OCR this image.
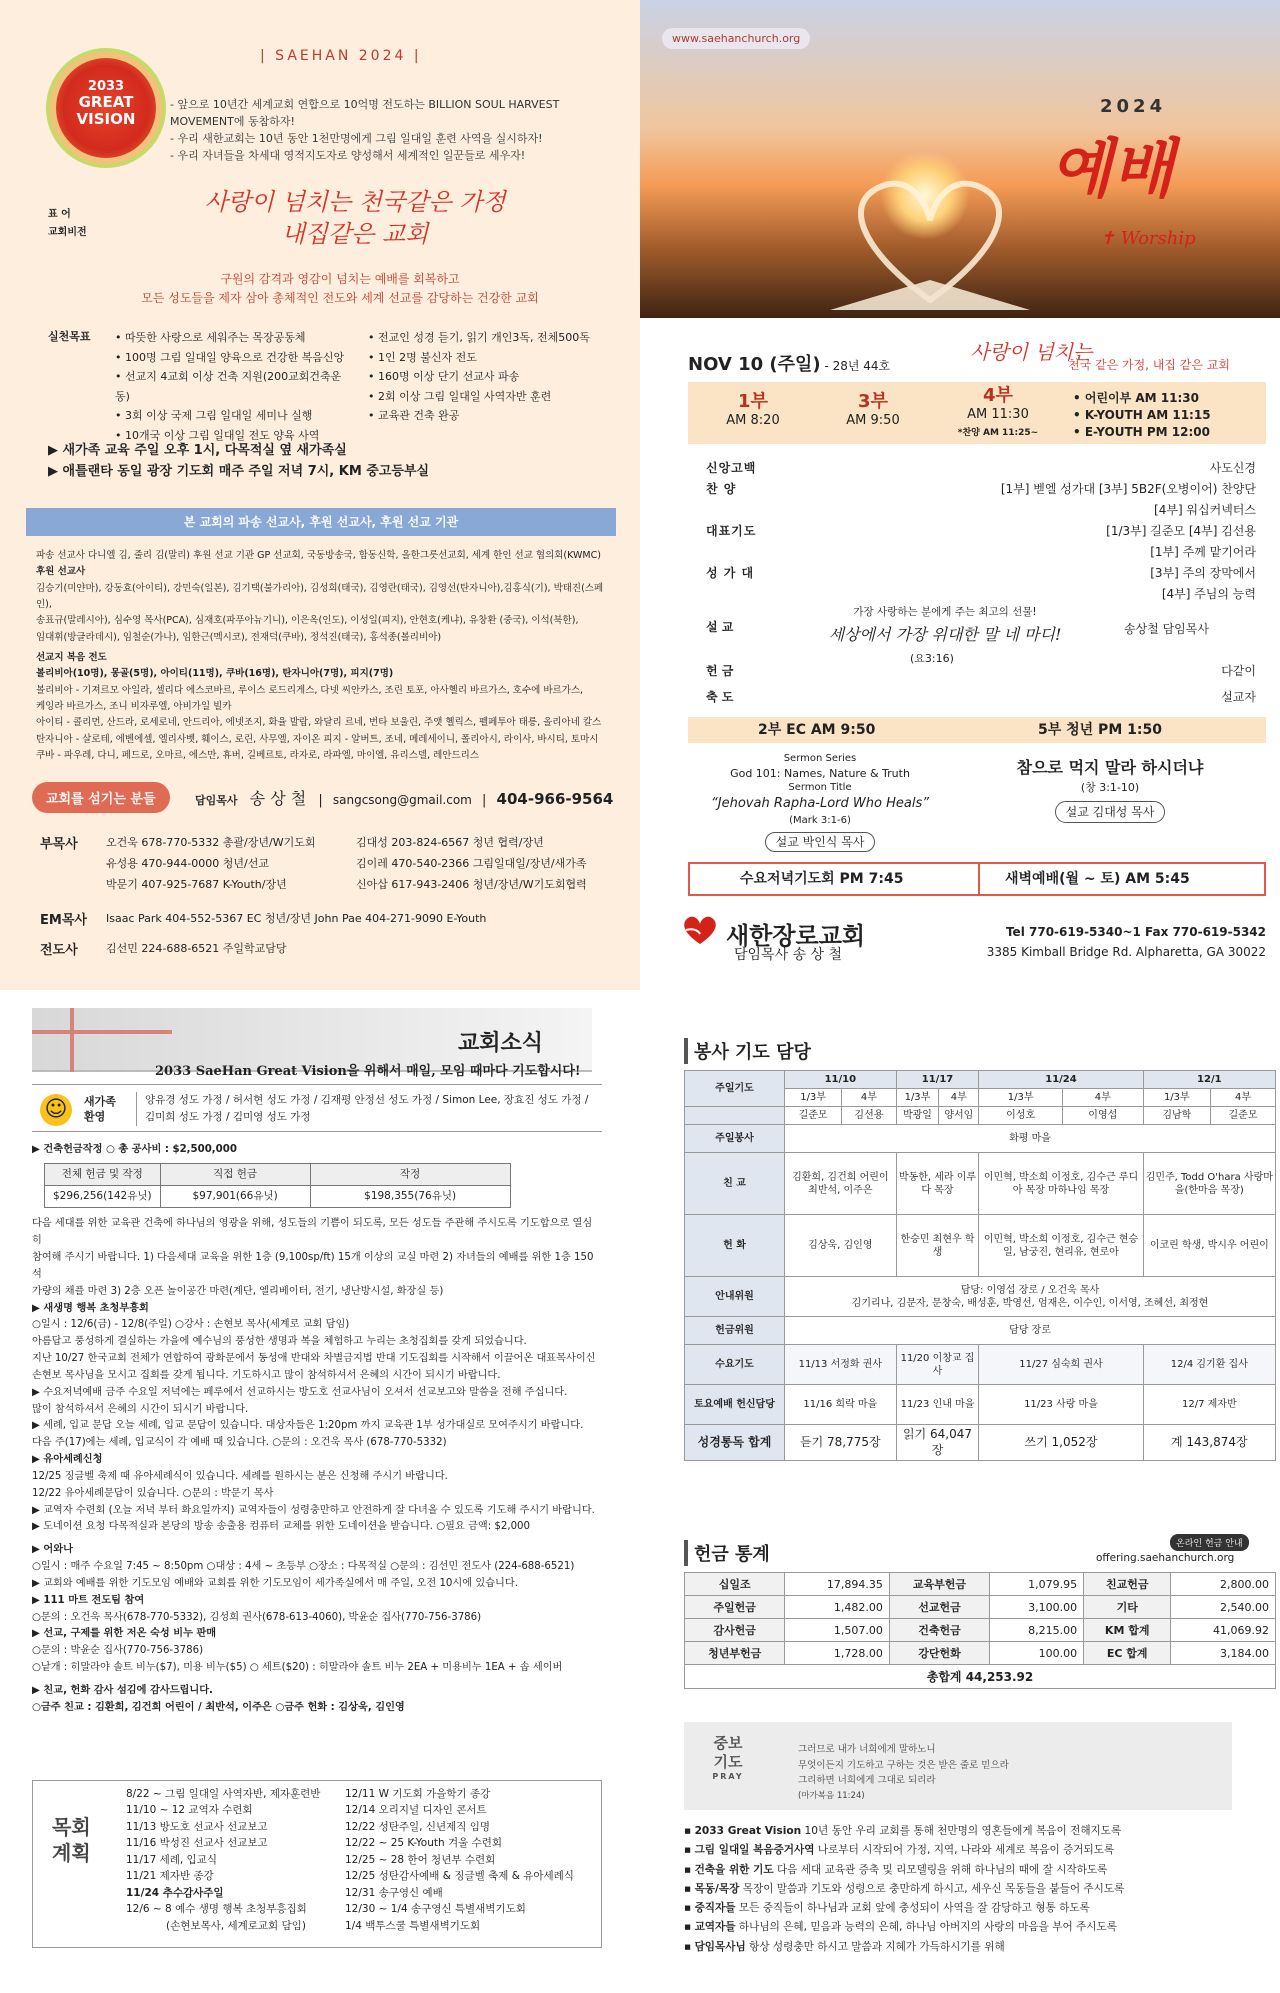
2033
GREAT
VISION
| SAEHAN 2024 |
- 앞으로 10년간 세계교회 연합으로 10억명 전도하는 BILLION SOUL HARVEST MOVEMENT에 동참하자!
- 우리 새한교회는 10년 동안 1천만명에게 그림 일대일 훈련 사역을 실시하자!
- 우리 자녀들을 차세대 영적지도자로 양성해서 세계적인 일꾼들로 세우자!
표 어
교회비전
사랑이 넘치는 천국같은 가정
내집같은 교회
구원의 감격과 영감이 넘치는 예배를 회복하고
모든 성도들을 제자 삼아 총체적인 전도와 세계 선교를 감당하는 건강한 교회
실천목표 • 따뜻한 사랑으로 세워주는 목장공동체
• 100명 그림 일대일 양육으로 건강한 복음신앙
• 선교지 4교회 이상 건축 지원(200교회건축운동)
• 3회 이상 국제 그림 일대일 세미나 실행
• 10개국 이상 그림 일대일 전도 양육 사역
• 전교인 성경 듣기, 읽기 개인3독, 전체500독
• 1인 2명 불신자 전도
• 160명 이상 단기 선교사 파송
• 2회 이상 그림 일대일 사역자반 훈련
• 교육관 건축 완공
▶ 새가족 교육 주일 오후 1시, 다목적실 옆 새가족실
▶ 애틀랜타 동일 광장 기도회 매주 주일 저녁 7시, KM 중고등부실
본 교회의 파송 선교사, 후원 선교사, 후원 선교 기관
파송 선교사 다니엘 김, 줄리 김(말리) 후원 선교 기관 GP 선교회, 국동방송국, 합동신학, 올한그릇선교회, 세계 한인 선교 협의회(KWMC)
후원 선교사
김승기(미얀마), 강동효(아이티), 강민숙(일본), 김기택(불가리아), 김성희(태국), 김영란(태국), 김영선(탄자니아),김홍식(기), 박태진(스페인),
송표규(말레시아), 심수영 목사(PCA), 심재호(파푸아뉴기니), 이은옥(인도), 이성일(피지), 안현호(케냐), 유창환 (중국), 이석(북한),
임대휘(방글라데시), 임철순(가나), 임한근(멕시코), 전재덕(쿠바), 정석진(태국), 홍석종(볼리비아)
선교지 복음 전도
볼리비아(10명), 몽골(5명), 아이티(11명), 쿠바(16명), 탄자니아(7명), 피지(7명)
볼리비아 - 기져르모 아일라, 셀리다 에스코바르, 루이스 로드리게스, 다넷 씨안카스, 조린 토포, 아사헬리 바르가스, 호수에 바르가스,
케잉라 바르가스, 조니 비자루엘, 아비가일 빌카
아이티 - 콜리먼, 산드라, 로세로네, 안드리아, 에넷조지, 화율 발랍, 와달리 르네, 번타 보울린, 주앳 헬릭스, 펠페투아 태릉, 올리아네 칼스
탄자니아 - 살로테, 에벤에셀, 엘리사벳, 훼이스, 로린, 사무엘, 자이온 피지 - 알버트, 조네, 메레세이니, 폴리아시, 라이사, 바시티, 토마시
쿠바 - 파우레, 다니, 페드로, 오마르, 에스만, 휴버, 길베르토, 라자로, 라파엘, 마이엘, 유리스델, 레안드리스
교회를 섬기는 분들	담임목사 송 상 철 | sangcsong@gmail.com | 404-966-9564
부목사	오건욱 678-770-5332 총괄/장년/W기도회
유성용 470-944-0000 청년/선교
박문기 407-925-7687 K-Youth/장년
김대성 203-824-6567 청년 협력/장년
김이레 470-540-2366 그림일대일/장년/새가족
신아삽 617-943-2406 청년/장년/W기도회협력
EM목사 Isaac Park 404-552-5367 EC 청년/장년 John Pae 404-271-9090 E-Youth
전도사	김선민 224-688-6521 주일학교담당
www.saehanchurch.org
2024
예배
✝ Worship
NOV 10 (주일) - 28년 44호
사랑이 넘치는
천국 같은 가정, 내집 같은 교회
1부
AM 8:20
3부
AM 9:50
4부
AM 11:30
*찬양 AM 11:25~
• 어린이부 AM 11:30
• K-YOUTH AM 11:15
• E-YOUTH PM 12:00
신앙고백	사도신경
찬 양	[1부] 벧엘 성가대 [3부] 5B2F(오병이어) 찬양단
[4부] 워십커넥터스
대표기도	[1/3부] 길준모 [4부] 김선용
[1부] 주께 맡기어라
성 가 대	[3부] 주의 장막에서
[4부] 주님의 능력
가장 사랑하는 분에게 주는 최고의 선물!
설 교	세상에서 가장 위대한 말 네 마디!
(요3:16)
송상철 담임목사
헌 금	다같이
축 도	설교자
2부 EC AM 9:50	5부 청년 PM 1:50
Sermon Series
God 101: Names, Nature & Truth
Sermon Title
“Jehovah Rapha-Lord Who Heals”
(Mark 3:1-6)
설교 박인식 목사
참으로 먹지 말라 하시더냐
(창 3:1-10)
설교 김대성 목사
수요저녁기도회 PM 7:45	새벽예배(월 ~ 토) AM 5:45
새한장로교회
담임목사 송 상 철
Tel 770-619-5340~1 Fax 770-619-5342
3385 Kimball Bridge Rd. Alpharetta, GA 30022
교회소식
2033 SaeHan Great Vision을 위해서 매일, 모임 때마다 기도합시다!
☺	새가족 환영
양유경 성도 가정 / 허서현 성도 가정 / 김재평 안정선 성도 가정 / Simon Lee, 장효진 성도 가정 / 김미희 성도 가정 / 김미영 성도 가정
▶ 건축헌금작정 ○ 총 공사비 : $2,500,000
전체 헌금 및 작정	직접 헌금	작정
$296,256(142유닛)	$97,901(66유닛)	$198,355(76유닛)
다음 세대를 위한 교육관 건축에 하나님의 영광을 위해, 성도들의 기쁨이 되도록, 모든 성도들 주관해 주시도록 기도합으로 열심히
참여해 주시기 바랍니다. 1) 다음세대 교육을 위한 1층 (9,100sp/ft) 15개 이상의 교실 마련 2) 자녀들의 예배를 위한 1층 150석
가량의 채플 마련 3) 2층 오픈 놀이공간 마련(계단, 엘리베이터, 전기, 냉난방시설, 화장실 등)
▶ 새생명 행복 초청부흥회
○일시 : 12/6(금) - 12/8(주일) ○강사 : 손현보 목사(세계로 교회 담임)
아름답고 풍성하게 결실하는 가을에 예수님의 풍성한 생명과 복을 체험하고 누리는 초청집회를 갖게 되었습니다.
지난 10/27 한국교회 전체가 연합하여 광화문에서 동성애 반대와 차별금지법 반대 기도집회를 시작해서 이끌어온 대표목사이신
손현보 목사님을 모시고 집회를 갖게 됩니다. 기도하시고 많이 참석하셔서 은혜의 시간이 되시기 바랍니다.
▶ 수요저녁예배 금주 수요일 저녁에는 페루에서 선교하시는 방도호 선교사님이 오셔서 선교보고와 말씀을 전해 주십니다.
많이 참석하셔서 은혜의 시간이 되시기 바랍니다.
▶ 세례, 입교 문답 오늘 세례, 입교 문답이 있습니다. 대상자들은 1:20pm 까지 교육관 1부 성가대실로 모여주시기 바랍니다.
다음 주(17)에는 세례, 입교식이 각 예배 때 있습니다. ○문의 : 오건욱 목사 (678-770-5332)
▶ 유아세례신청
12/25 징글벨 축제 때 유아세례식이 있습니다. 세례를 원하시는 분은 신청해 주시기 바랍니다.
12/22 유아세례문답이 있습니다. ○문의 : 박문기 목사
▶ 교역자 수련회 (오늘 저녁 부터 화요일까지) 교역자들이 성령충만하고 안전하게 잘 다녀올 수 있도록 기도해 주시기 바랍니다.
▶ 도네이션 요청 다목적실과 본당의 방송 송출용 컴퓨터 교체를 위한 도네이션을 받습니다. ○필요 금액: $2,000
▶ 어와나
○일시 : 매주 수요일 7:45 ~ 8:50pm ○대상 : 4세 ~ 초등부 ○장소 : 다목적실 ○문의 : 김선민 전도사 (224-688-6521)
▶ 교회와 예배를 위한 기도모임 예배와 교회를 위한 기도모임이 세가족실에서 매 주일, 오전 10시에 있습니다.
▶ 111 마트 전도팀 참여
○문의 : 오건욱 목사(678-770-5332), 김성희 권사(678-613-4060), 박윤순 집사(770-756-3786)
▶ 선교, 구제를 위한 저온 숙성 비누 판매
○문의 : 박윤순 집사(770-756-3786)
○낱개 : 히말라야 솔트 비누($7), 미용 비누($5) ○ 세트($20) : 히말라야 솔트 비누 2EA + 미용비누 1EA + 솝 세이버
▶ 친교, 헌화 감사 섬김에 감사드립니다.
○금주 친교 : 김환희, 김건희 어린이 / 최반석, 이주은 ○금주 헌화 : 김상욱, 김인영
목회
계획
8/22 ~ 그림 일대일 사역자반, 제자훈련반
11/10 ~ 12 교역자 수련회
11/13 방도호 선교사 선교보고
11/16 박성진 선교사 선교보고
11/17 세례, 입교식
11/21 제자반 종강
11/24 추수감사주일
12/6 ~ 8 예수 생명 행복 초청부흥집회
(손현보목사, 세계로교회 담임)
12/11 W 기도회 가을학기 종강
12/14 오리지널 디자인 콘서트
12/22 성탄주일, 신년제직 임명
12/22 ~ 25 K-Youth 겨울 수련회
12/25 ~ 28 한어 청년부 수련회
12/25 성탄감사예배 & 징글벨 축제 & 유아세례식
12/31 송구영신 예배
12/30 ~ 1/4 송구영신 특별새벽기도회
1/4 백투스쿨 특별새벽기도회
봉사 기도 담당
주일기도	11/10		11/17		11/24		12/1	
	1/3부	4부	1/3부	4부	1/3부	4부	1/3부	4부
	길준모	김선용	박광일	양서임	이성호	이영섭	김남학	길준모
주일봉사	화평 마을							
친 교	김환희, 김건희 어린이 최반석, 이주은		박동한, 세라 이루다 목장		이민혁, 박소희 이정호, 김수근 루디아 목장 마하나임 목장		김민주, Todd O'hara 사랑마을(한마음 목장)	
헌 화	김상욱, 김인영		한승민 최현우 학생		이민혁, 박소희 이정호, 김수근 현승일, 남궁진, 현리유, 현로아		이코린 학생, 박시우 어린이	
안내위원	담당: 이영섭 장로 / 오건욱 목사
김기리나, 김문자, 문창숙, 배성훈, 박영선, 엄재은, 이수인, 이서영, 조혜선, 최정현							

헌금위원	담당 장로							
수요기도	11/13 서정화 권사		11/20 이창교 집사		11/27 심숙희 권사		12/4 김기환 집사	
토요예배 헌신담당	11/16 희락 마을		11/23 인내 마을		11/23 사랑 마을		12/7 제자반	
성경통독 합계	듣기 78,775장		읽기 64,047장		쓰기 1,052장		계 143,874장	
헌금 통계	온라인 헌금 안내
offering.saehanchurch.org
십일조	17,894.35	교육부헌금	1,079.95	친교헌금	2,800.00
주일헌금	1,482.00	선교헌금	3,100.00	기타	2,540.00
감사헌금	1,507.00	건축헌금	8,215.00	KM 합계	41,069.92
청년부헌금	1,728.00	강단헌화	100.00	EC 합계	3,184.00
총합계 44,253.92					
중보
기도
PRAY
그러므로 내가 너희에게 말하노니
무엇이든지 기도하고 구하는 것은 받은 줄로 믿으라
그리하면 너희에게 그대로 되리라
(마가복음 11:24)
▪ 2033 Great Vision 10년 동안 우리 교회를 통해 천만명의 영혼들에게 복음이 전해지도록
▪ 그림 일대일 복음증거사역 나로부터 시작되어 가정, 지역, 나라와 세계로 복음이 증거되도록
▪ 건축을 위한 기도 다음 세대 교육관 증축 및 리모델링을 위해 하나님의 때에 잘 시작하도록
▪ 목동/목장 목장이 말씀과 기도와 성령으로 충만하게 하시고, 세우신 목동들을 붙들어 주시도록
▪ 중직자들 모든 중직들이 하나님과 교회 앞에 충성되이 사역을 잘 감당하고 형통 하도록
▪ 교역자들 하나님의 은혜, 믿음과 능력의 은혜, 하나님 아버지의 사랑의 마음을 부어 주시도록
▪ 담임목사님 항상 성령충만 하시고 말씀과 지혜가 가득하시기를 위해
